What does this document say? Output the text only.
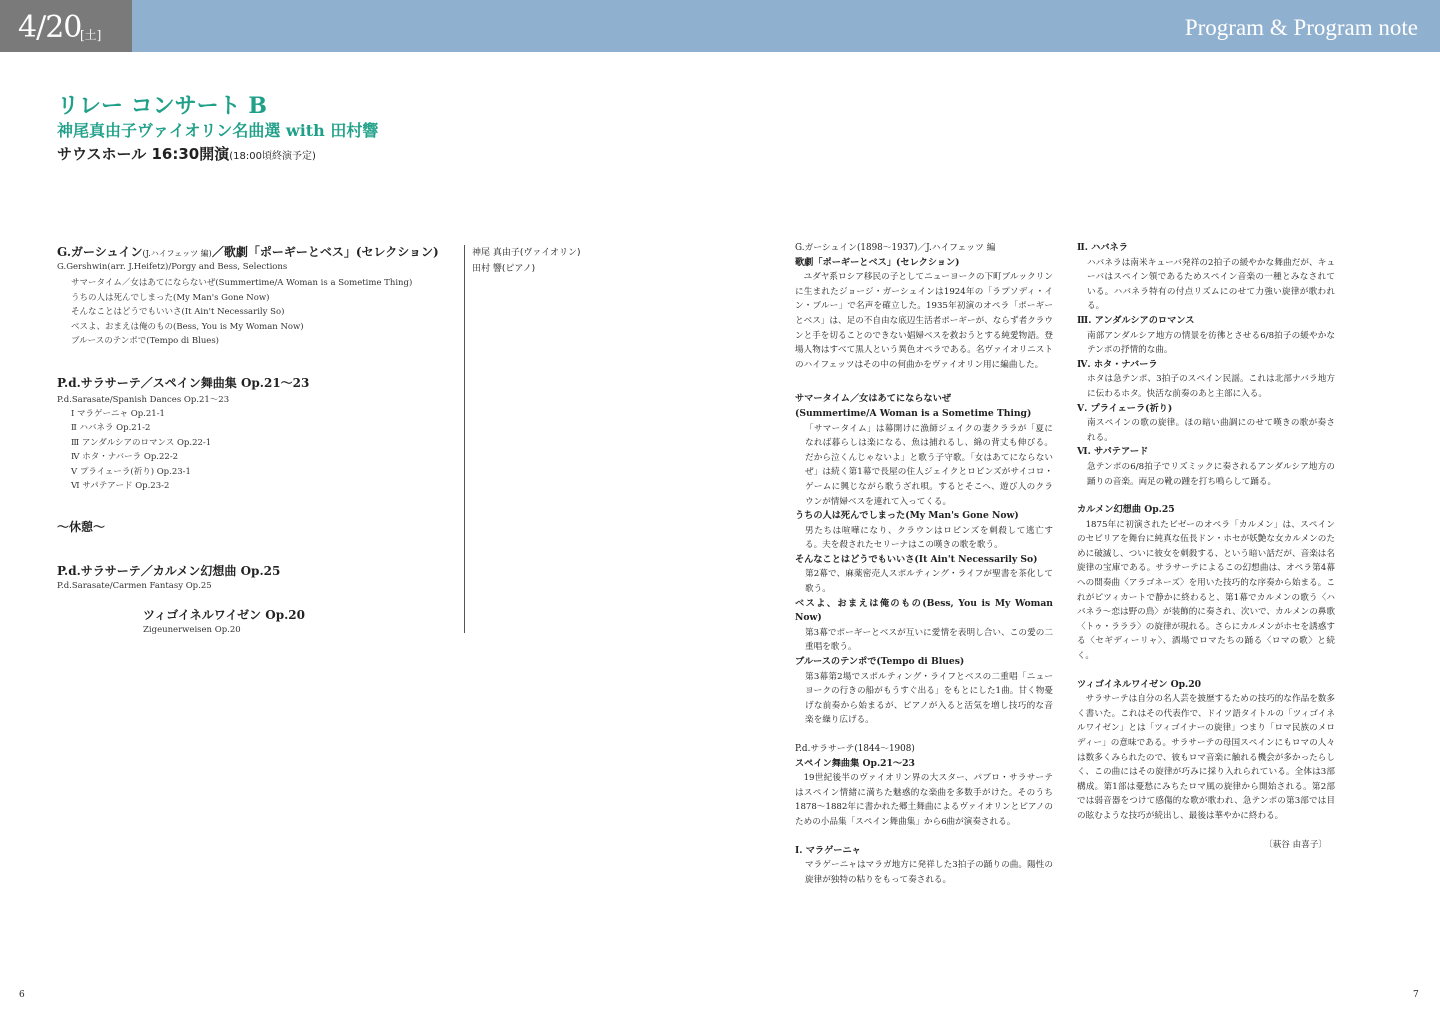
4/20
[土]	Program & Program note
リレー コンサート B
神尾真由子ヴァイオリン名曲選 with 田村響
サウスホール 16:30開演(18:00頃終演予定)
G.ガーシュイン(J.ハイフェッツ 編)／歌劇「ポーギーとベス」(セレクション)
G.Gershwin(arr. J.Heifetz)/Porgy and Bess, Selections
サマータイム／女はあてにならないぜ(Summertime/A Woman is a Sometime Thing)
うちの人は死んでしまった(My Man's Gone Now)
そんなことはどうでもいいさ(It Ain't Necessarily So)
ベスよ、おまえは俺のもの(Bess, You is My Woman Now)
ブルースのテンポで(Tempo di Blues)
P.d.サラサーテ／スペイン舞曲集 Op.21～23
P.d.Sarasate/Spanish Dances Op.21～23
Ⅰ マラゲーニャ Op.21-1
Ⅱ ハバネラ Op.21-2
Ⅲ アンダルシアのロマンス Op.22-1
Ⅳ ホタ・ナバーラ Op.22-2
Ⅴ プライェーラ(祈り) Op.23-1
Ⅵ サパテアード Op.23-2
～休憩～
P.d.サラサーテ／カルメン幻想曲 Op.25
P.d.Sarasate/Carmen Fantasy Op.25
ツィゴイネルワイゼン Op.20
Zigeunerweisen Op.20
神尾 真由子(ヴァイオリン)
田村 響(ピアノ)

G.ガーシュイン(1898～1937)／J.ハイフェッツ 編

歌劇「ポーギーとベス」(セレクション)

ユダヤ系ロシア移民の子としてニューヨークの下町ブルックリンに生まれたジョージ・ガーシュインは1924年の「ラプソディ・イン・ブルー」で名声を確立した。1935年初演のオペラ「ポーギーとベス」は、足の不自由な底辺生活者ポーギーが、ならず者クラウンと手を切ることのできない娼婦ベスを救おうとする純愛物語。登場人物はすべて黒人という異色オペラである。名ヴァイオリニストのハイフェッツはその中の何曲かをヴァイオリン用に編曲した。

サマータイム／女はあてにならないぜ

(Summertime/A Woman is a Sometime Thing)

「サマータイム」は幕開けに漁師ジェイクの妻クララが「夏になれば暮らしは楽になる、魚は捕れるし、綿の背丈も伸びる。だから泣くんじゃないよ」と歌う子守歌。「女はあてにならないぜ」は続く第1幕で長屋の住人ジェイクとロビンズがサイコロ・ゲームに興じながら歌うざれ唄。するとそこへ、遊び人のクラウンが情婦ベスを連れて入ってくる。

うちの人は死んでしまった(My Man's Gone Now)

男たちは喧嘩になり、クラウンはロビンズを刺殺して逃亡する。夫を殺されたセリーナはこの嘆きの歌を歌う。

そんなことはどうでもいいさ(It Ain't Necessarily So)

第2幕で、麻薬密売人スポルティング・ライフが聖書を茶化して歌う。

ベスよ、おまえは俺のもの(Bess, You is My Woman Now)

第3幕でポーギーとベスが互いに愛情を表明し合い、この愛の二重唱を歌う。

ブルースのテンポで(Tempo di Blues)

第3幕第2場でスポルティング・ライフとベスの二重唱「ニューヨークの行きの船がもうすぐ出る」をもとにした1曲。甘く物憂げな前奏から始まるが、ピアノが入ると活気を増し技巧的な音楽を繰り広げる。

P.d.サラサーテ(1844～1908)

スペイン舞曲集 Op.21～23

19世紀後半のヴァイオリン界の大スター、パブロ・サラサーテはスペイン情緒に満ちた魅惑的な楽曲を多数手がけた。そのうち1878～1882年に書かれた郷土舞曲によるヴァイオリンとピアノのための小品集「スペイン舞曲集」から6曲が演奏される。

Ⅰ. マラゲーニャ

マラゲーニャはマラガ地方に発祥した3拍子の踊りの曲。陽性の旋律が独特の粘りをもって奏される。

Ⅱ. ハバネラ

ハバネラは南米キューバ発祥の2拍子の緩やかな舞曲だが、キューバはスペイン領であるためスペイン音楽の一種とみなされている。ハバネラ特有の付点リズムにのせて力強い旋律が歌われる。

Ⅲ. アンダルシアのロマンス

南部アンダルシア地方の情景を彷彿とさせる6/8拍子の緩やかなテンポの抒情的な曲。

Ⅳ. ホタ・ナバーラ

ホタは急テンポ、3拍子のスペイン民謡。これは北部ナバラ地方に伝わるホタ。快活な前奏のあと主部に入る。

Ⅴ. プライェーラ(祈り)

南スペインの歌の旋律。ほの暗い曲調にのせて嘆きの歌が奏される。

Ⅵ. サパテアード

急テンポの6/8拍子でリズミックに奏されるアンダルシア地方の踊りの音楽。両足の靴の踵を打ち鳴らして踊る。

カルメン幻想曲 Op.25

1875年に初演されたビゼーのオペラ「カルメン」は、スペインのセビリアを舞台に純真な伍長ドン・ホセが妖艶な女カルメンのために破滅し、ついに彼女を刺殺する、という暗い話だが、音楽は名旋律の宝庫である。サラサーテによるこの幻想曲は、オペラ第4幕への間奏曲〈アラゴネーズ〉を用いた技巧的な序奏から始まる。これがピツィカートで静かに終わると、第1幕でカルメンの歌う〈ハバネラ～恋は野の鳥〉が装飾的に奏され、次いで、カルメンの鼻歌〈トゥ・ラララ〉の旋律が現れる。さらにカルメンがホセを誘惑する〈セギディーリャ〉、酒場でロマたちの踊る〈ロマの歌〉と続く。

ツィゴイネルワイゼン Op.20

サラサーテは自分の名人芸を披歴するための技巧的な作品を数多く書いた。これはその代表作で、ドイツ語タイトルの「ツィゴイネルワイゼン」とは「ツィゴイナーの旋律」つまり「ロマ民族のメロディー」の意味である。サラサーテの母国スペインにもロマの人々は数多くみられたので、彼もロマ音楽に触れる機会が多かったらしく、この曲にはその旋律が巧みに採り入れられている。全体は3部構成。第1部は憂愁にみちたロマ風の旋律から開始される。第2部では弱音器をつけて感傷的な歌が歌われ、急テンポの第3部では目の眩むような技巧が続出し、最後は華やかに終わる。

〔萩谷 由喜子〕

6	7
